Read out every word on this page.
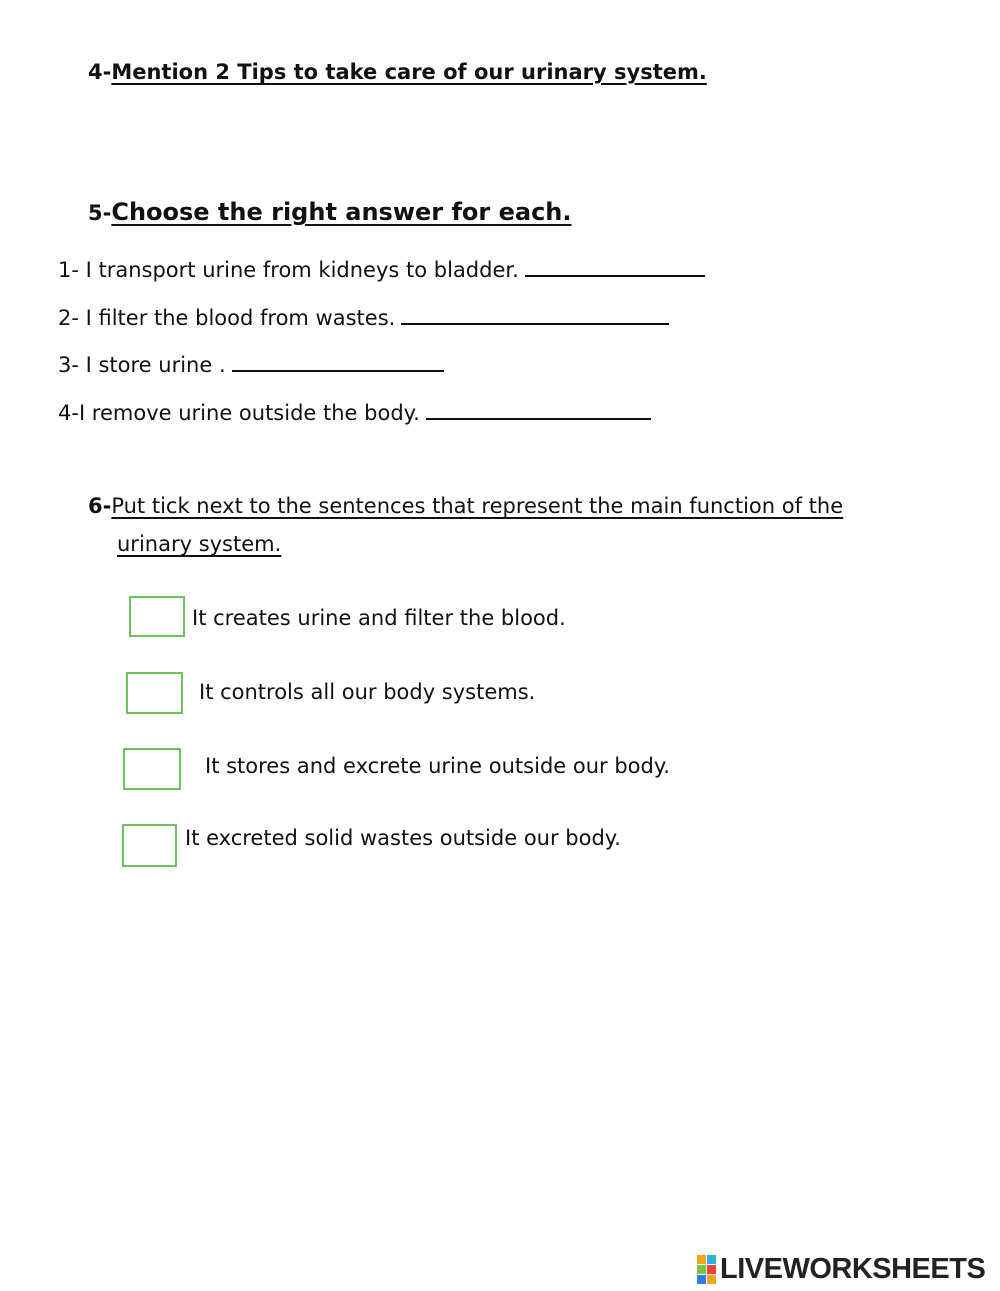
4-Mention 2 Tips to take care of our urinary system.
5-Choose the right answer for each.
1- I transport urine from kidneys to bladder.
2- I filter the blood from wastes.
3- I store urine .
4-I remove urine outside the body.
6-Put tick next to the sentences that represent the main function of the
urinary system.
It creates urine and filter the blood.
It controls all our body systems.
It stores and excrete urine outside our body.
It excreted solid wastes outside our body.
LIVEWORKSHEETS
